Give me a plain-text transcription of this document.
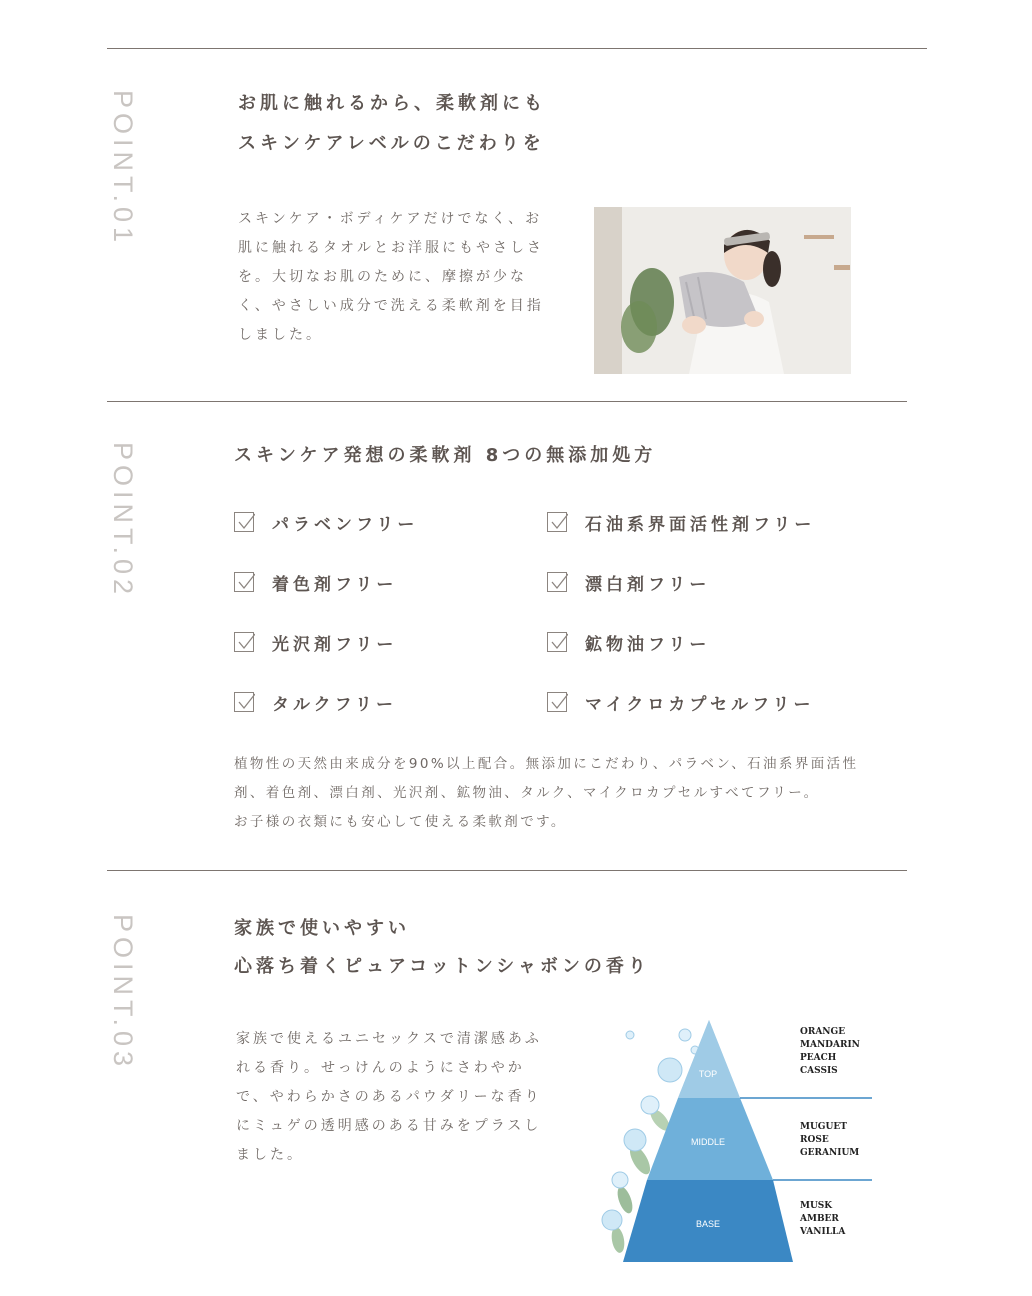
POINT.01	お肌に触れるから、柔軟剤にも
スキンケアレベルのこだわりを

スキンケア・ボディケアだけでなく、お
肌に触れるタオルとお洋服にもやさしさ
を。大切なお肌のために、摩擦が少な
く、やさしい成分で洗える柔軟剤を目指
しました。

POINT.02	スキンケア発想の柔軟剤 8つの無添加処方
パラベンフリー	石油系界面活性剤フリー
着色剤フリー	漂白剤フリー
光沢剤フリー	鉱物油フリー
タルクフリー	マイクロカプセルフリー

植物性の天然由来成分を90%以上配合。無添加にこだわり、パラベン、石油系界面活性
剤、着色剤、漂白剤、光沢剤、鉱物油、タルク、マイクロカプセルすべてフリー。
お子様の衣類にも安心して使える柔軟剤です。

POINT.03	家族で使いやすい
心落ち着くピュアコットンシャボンの香り

家族で使えるユニセックスで清潔感あふ
れる香り。せっけんのようにさわやか
で、やわらかさのあるパウダリーな香り
にミュゲの透明感のある甘みをプラスし
ました。

TOP
MIDDLE
BASE
ORANGE
MANDARIN
PEACH
CASSIS
MUGUET
ROSE
GERANIUM
MUSK
AMBER
VANILLA
